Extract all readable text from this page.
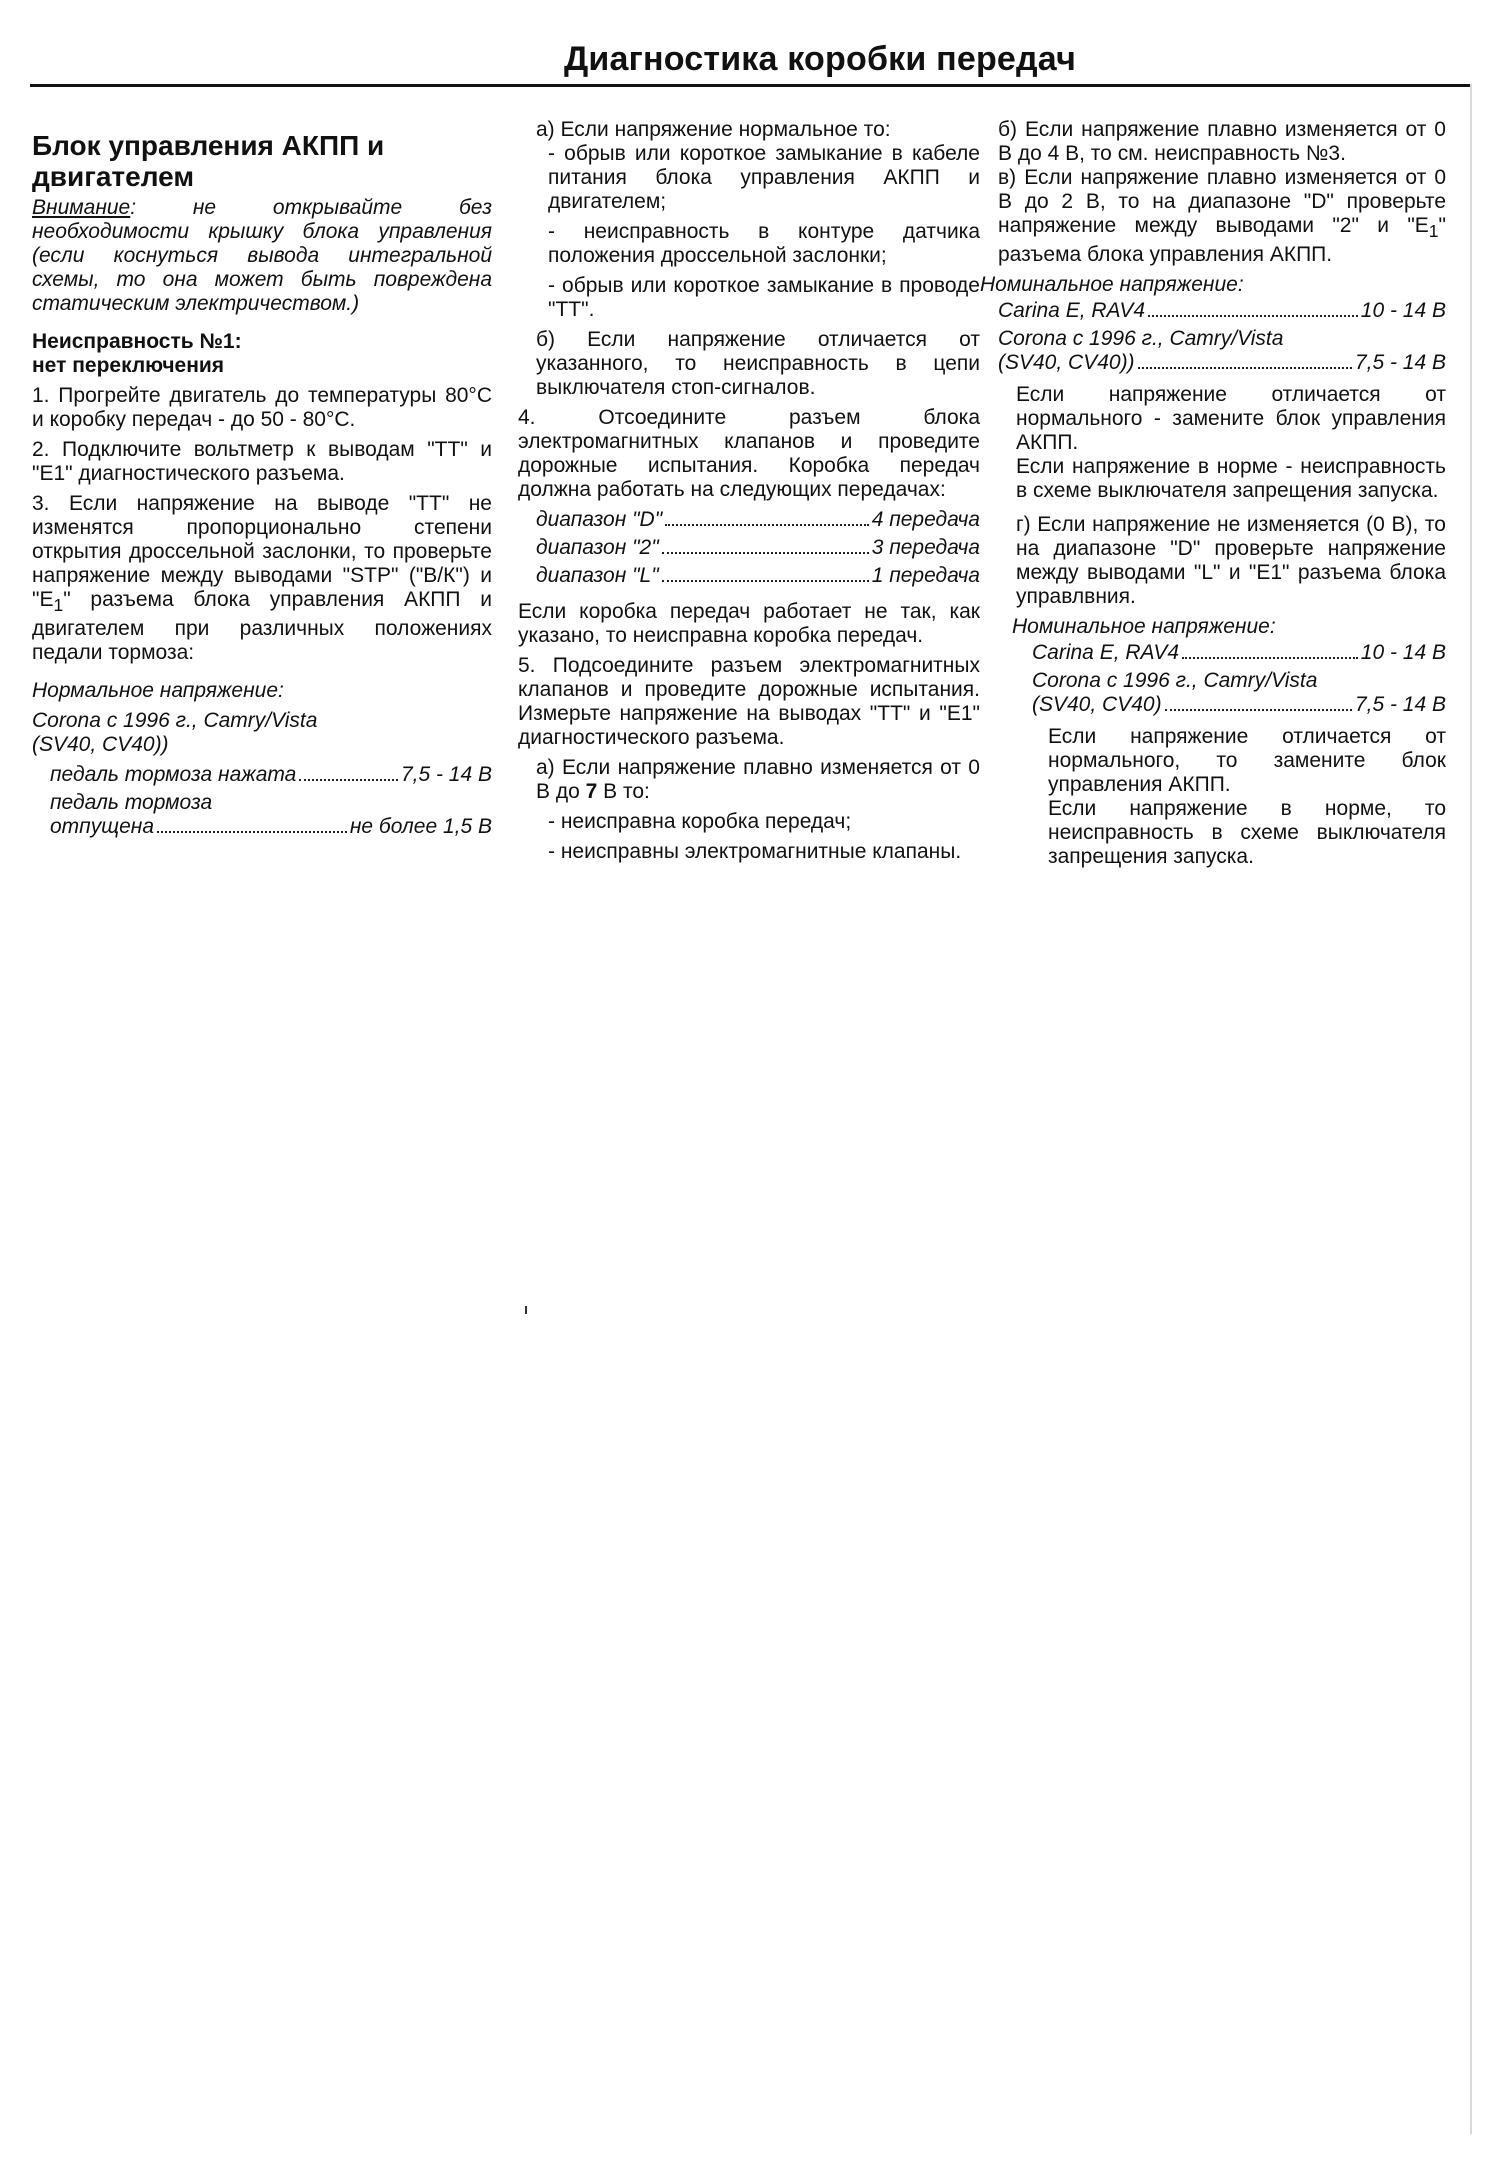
Диагностика коробки передач
Блок управления АКПП и двигателем

Внимание: не открывайте без необходимости крышку блока управления (если коснуться вывода интегральной схемы, то она может быть повреждена статическим электричеством.)

Неисправность №1:
нет переключения

1. Прогрейте двигатель до температуры 80°С и коробку передач - до 50 - 80°С.

2. Подключите вольтметр к выводам "ТТ" и "Е1" диагностического разъема.

3. Если напряжение на выводе "ТТ" не изменятся пропорционально степени открытия дроссельной заслонки, то проверьте напряжение между выводами "STP" ("В/К") и "$Е_1$" разъема блока управления АКПП и двигателем при различных положениях педали тормоза:

Нормальное напряжение:

Corona с 1996 г., Camry/Vista
(SV40, CV40))
педаль тормоза нажата	7,5 - 14 В
педаль тормоза
отпущена	не более 1,5 В

а) Если напряжение нормальное то:

- обрыв или короткое замыкание в кабеле питания блока управления АКПП и двигателем;

- неисправность в контуре датчика положения дроссельной заслонки;

- обрыв или короткое замыкание в проводе "ТТ".

б) Если напряжение отличается от указанного, то неисправность в цепи выключателя стоп-сигналов.

4. Отсоедините разъем блока электромагнитных клапанов и проведите дорожные испытания. Коробка передач должна работать на следующих передачах:

диапазон "D"	4 передача
диапазон "2"	3 передача
диапазон "L"	1 передача

Если коробка передач работает не так, как указано, то неисправна коробка передач.

5. Подсоедините разъем электромагнитных клапанов и проведите дорожные испытания. Измерьте напряжение на выводах "ТТ" и "Е1" диагностического разъема.

а) Если напряжение плавно изменяется от 0 В до 7 В то:

- неисправна коробка передач;

- неисправны электромагнитные клапаны.

б) Если напряжение плавно изменяется от 0 В до 4 В, то см. неисправность №3.

в) Если напряжение плавно изменяется от 0 В до 2 В, то на диапазоне "D" проверьте напряжение между выводами "2" и "$Е_1$" разъема блока управления АКПП.

Номинальное напряжение:

Carina E, RAV4	10 - 14 В
Corona с 1996 г., Camry/Vista
(SV40, CV40))	7,5 - 14 В

Если напряжение отличается от нормального - замените блок управления АКПП.

Если напряжение в норме - неисправность в схеме выключателя запрещения запуска.

г) Если напряжение не изменяется (0 В), то на диапазоне "D" проверьте напряжение между выводами "L" и "Е1" разъема блока управлвния.

Номинальное напряжение:

Carina E, RAV4	10 - 14 В
Corona с 1996 г., Camry/Vista
(SV40, CV40)	7,5 - 14 В

Если напряжение отличается от нормального, то замените блок управления АКПП.

Если напряжение в норме, то неисправность в схеме выключателя запрещения запуска.
